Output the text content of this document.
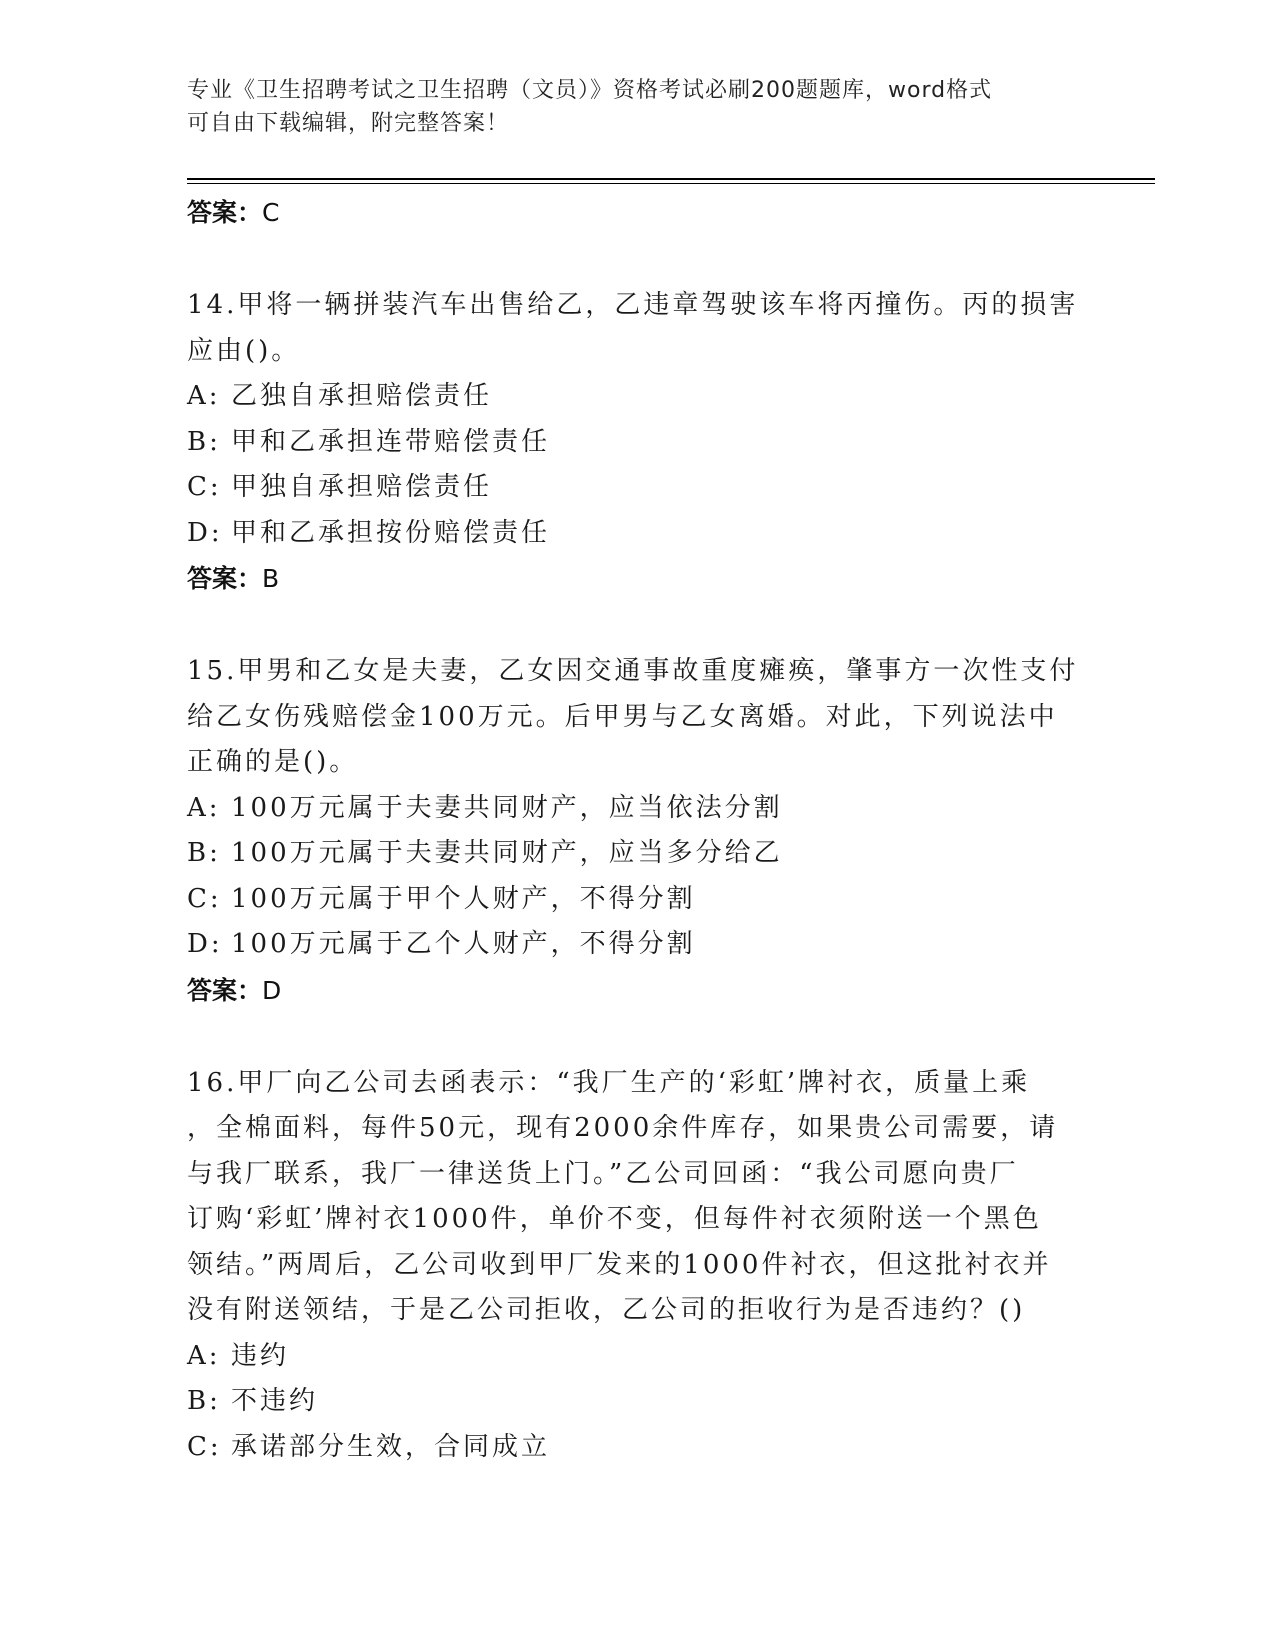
专业《卫生招聘考试之卫生招聘（文员）》资格考试必刷200题题库，word格式
可自由下载编辑，附完整答案！
答案：C
14.甲将一辆拼装汽车出售给乙，乙违章驾驶该车将丙撞伤。丙的损害
应由()。
A: 乙独自承担赔偿责任
B: 甲和乙承担连带赔偿责任
C: 甲独自承担赔偿责任
D: 甲和乙承担按份赔偿责任
答案：B
15.甲男和乙女是夫妻，乙女因交通事故重度瘫痪，肇事方一次性支付
给乙女伤残赔偿金100万元。后甲男与乙女离婚。对此，下列说法中
正确的是()。
A: 100万元属于夫妻共同财产，应当依法分割
B: 100万元属于夫妻共同财产，应当多分给乙
C: 100万元属于甲个人财产，不得分割
D: 100万元属于乙个人财产，不得分割
答案：D
16.甲厂向乙公司去函表示：“我厂生产的‘彩虹’牌衬衣，质量上乘
，全棉面料，每件50元，现有2000余件库存，如果贵公司需要，请
与我厂联系，我厂一律送货上门。”乙公司回函：“我公司愿向贵厂
订购‘彩虹’牌衬衣1000件，单价不变，但每件衬衣须附送一个黑色
领结。”两周后，乙公司收到甲厂发来的1000件衬衣，但这批衬衣并
没有附送领结，于是乙公司拒收，乙公司的拒收行为是否违约？()
A: 违约
B: 不违约
C: 承诺部分生效，合同成立
